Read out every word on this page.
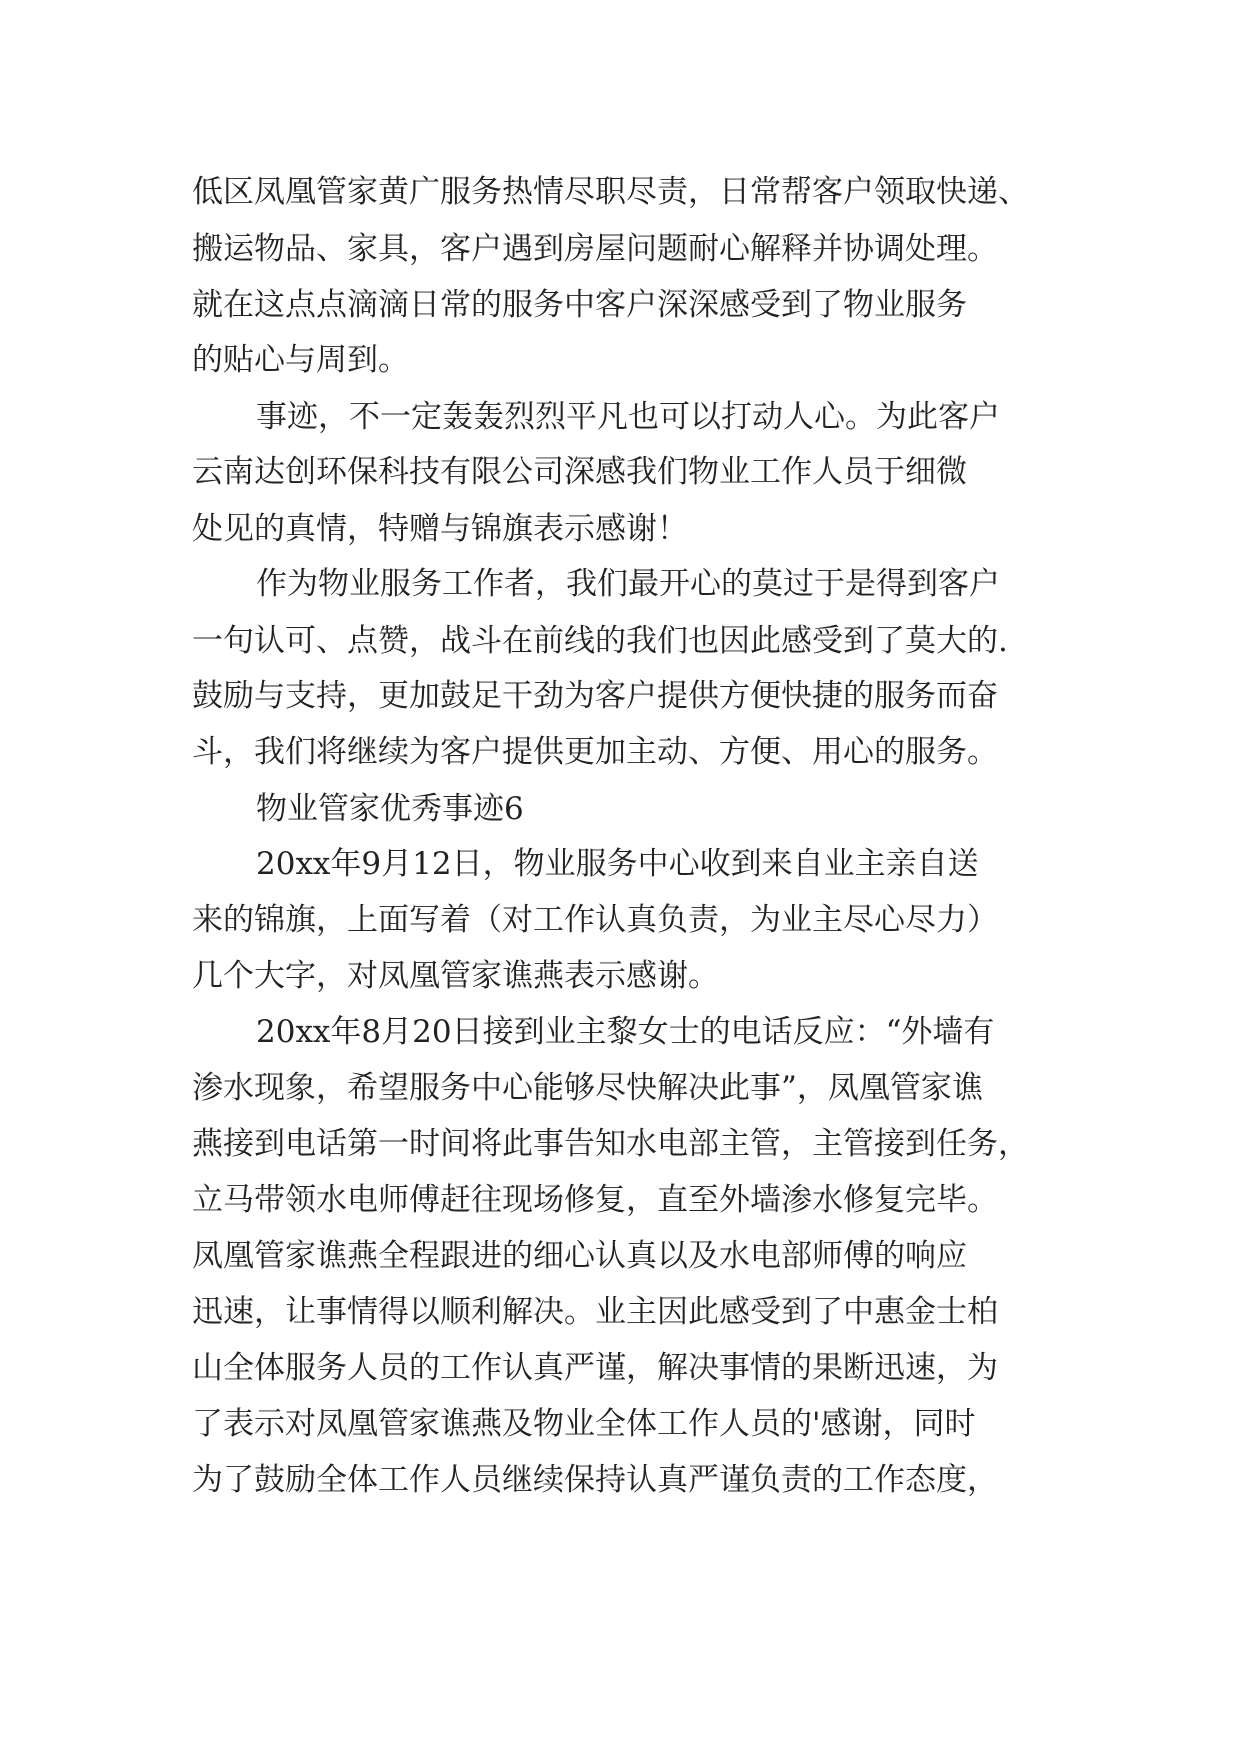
低区凤凰管家黄广服务热情尽职尽责，日常帮客户领取快递、
搬运物品、家具，客户遇到房屋问题耐心解释并协调处理。
就在这点点滴滴日常的服务中客户深深感受到了物业服务
的贴心与周到。
事迹，不一定轰轰烈烈平凡也可以打动人心。为此客户
云南达创环保科技有限公司深感我们物业工作人员于细微
处见的真情，特赠与锦旗表示感谢！
作为物业服务工作者，我们最开心的莫过于是得到客户
一句认可、点赞，战斗在前线的我们也因此感受到了莫大的.
鼓励与支持，更加鼓足干劲为客户提供方便快捷的服务而奋
斗，我们将继续为客户提供更加主动、方便、用心的服务。
物业管家优秀事迹6
20xx年9月12日，物业服务中心收到来自业主亲自送
来的锦旗，上面写着（对工作认真负责，为业主尽心尽力）
几个大字，对凤凰管家谯燕表示感谢。
20xx年8月20日接到业主黎女士的电话反应：“外墙有
渗水现象，希望服务中心能够尽快解决此事”，凤凰管家谯
燕接到电话第一时间将此事告知水电部主管，主管接到任务，
立马带领水电师傅赶往现场修复，直至外墙渗水修复完毕。
凤凰管家谯燕全程跟进的细心认真以及水电部师傅的响应
迅速，让事情得以顺利解决。业主因此感受到了中惠金士柏
山全体服务人员的工作认真严谨，解决事情的果断迅速，为
了表示对凤凰管家谯燕及物业全体工作人员的'感谢，同时
为了鼓励全体工作人员继续保持认真严谨负责的工作态度，
